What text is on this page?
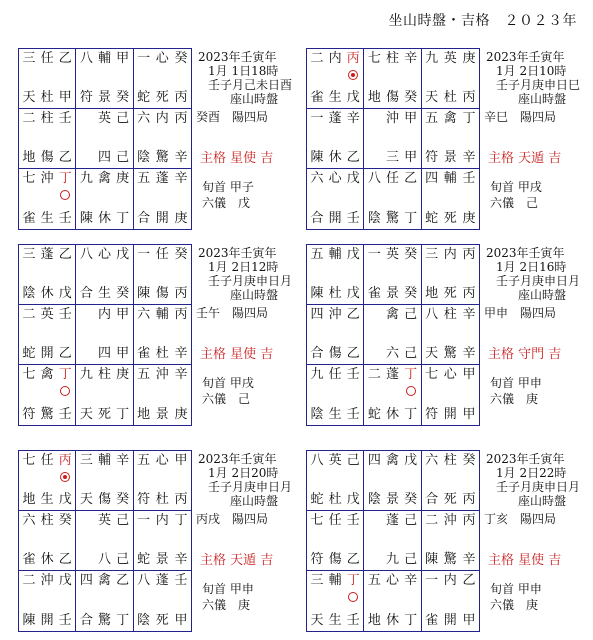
坐山時盤・吉格　２０２３年
三 任 乙
天 杜 甲
八 輔 甲
符 景 癸
一 心 癸
蛇 死 丙
二 柱 壬
地 傷 乙
英 己
四 己
六 内 丙
陰 驚 辛
七 沖 丁
雀 生 壬
九 禽 庚
陳 休 丁
五 蓬 辛
合 開 庚
2023年壬寅年
1月 1日18時
壬子月己未日酉
癸酉　陽四局
主格 星使 吉
旬首 甲子
六儀　戊
座山時盤
二 内 丙
雀 生 戊
七 柱 辛
地 傷 癸
九 英 庚
天 杜 丙
一 蓬 辛
陳 休 乙
沖 甲
三 甲
五 禽 丁
符 景 辛
六 心 戊
合 開 壬
八 任 乙
陰 驚 丁
四 輔 壬
蛇 死 庚
2023年壬寅年
1月 2日10時
壬子月庚申日巳
辛巳　陽四局
主格 天遁 吉
旬首 甲戌
六儀　己
座山時盤
三 蓬 乙
陰 休 戊
八 心 戊
合 生 癸
一 任 癸
陳 傷 丙
二 英 壬
蛇 開 乙
内 甲
四 甲
六 輔 丙
雀 杜 辛
七 禽 丁
符 驚 壬
九 柱 庚
天 死 丁
五 沖 辛
地 景 庚
2023年壬寅年
1月 2日12時
壬子月庚申日月
壬午　陽四局
主格 星使 吉
旬首 甲戌
六儀　己
座山時盤
五 輔 戊
陳 杜 戊
一 英 癸
雀 景 癸
三 内 丙
地 死 丙
四 沖 乙
合 傷 乙
禽 己
六 己
八 柱 辛
天 驚 辛
九 任 壬
陰 生 壬
二 蓬 丁
蛇 休 丁
七 心 甲
符 開 甲
2023年壬寅年
1月 2日16時
壬子月庚申日月
甲申　陽四局
主格 守門 吉
旬首 甲申
六儀　庚
座山時盤
七 任 丙
地 生 戊
三 輔 辛
天 傷 癸
五 心 甲
符 杜 丙
六 柱 癸
雀 休 乙
英 己
八 己
一 内 丁
蛇 景 辛
二 沖 戊
陳 開 壬
四 禽 乙
合 驚 丁
八 蓬 壬
陰 死 甲
2023年壬寅年
1月 2日20時
壬子月庚申日月
丙戌　陽四局
主格 天遁 吉
旬首 甲申
六儀　庚
座山時盤
八 英 己
蛇 杜 戊
四 禽 戊
陰 景 癸
六 柱 癸
合 死 丙
七 任 壬
符 傷 乙
蓬 己
九 己
二 沖 丙
陳 驚 辛
三 輔 丁
天 生 壬
五 心 辛
地 休 丁
一 内 乙
雀 開 甲
2023年壬寅年
1月 2日22時
壬子月庚申日月
丁亥　陽四局
主格 星使 吉
旬首 甲申
六儀　庚
座山時盤
